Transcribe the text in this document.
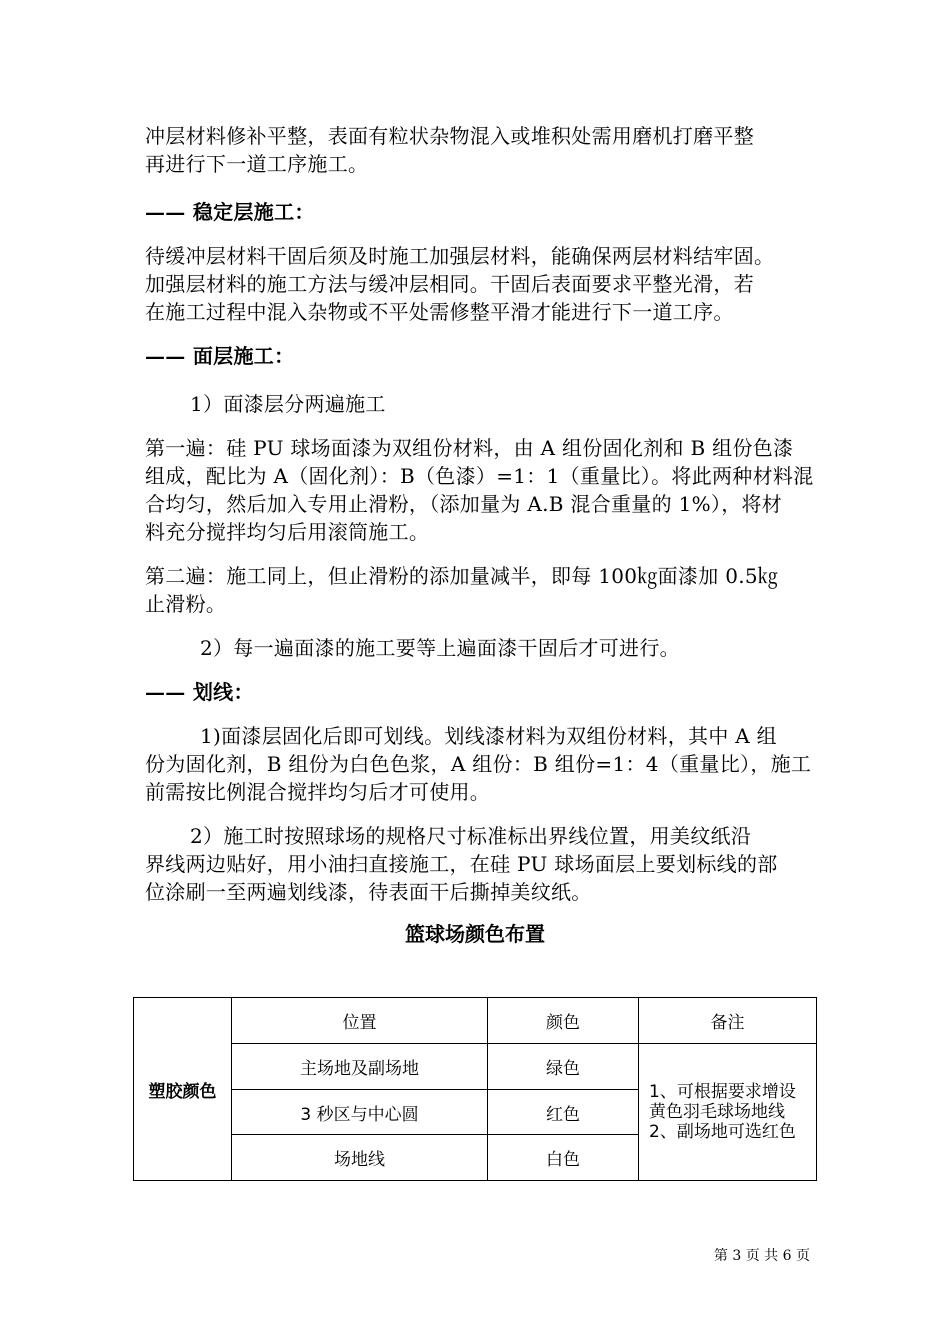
冲层材料修补平整，表面有粒状杂物混入或堆积处需用磨机打磨平整
再进行下一道工序施工。
—— 稳定层施工：
待缓冲层材料干固后须及时施工加强层材料，能确保两层材料结牢固。
加强层材料的施工方法与缓冲层相同。干固后表面要求平整光滑，若
在施工过程中混入杂物或不平处需修整平滑才能进行下一道工序。
—— 面层施工：
1）面漆层分两遍施工
第一遍：硅 PU 球场面漆为双组份材料，由 A 组份固化剂和 B 组份色漆
组成，配比为 A（固化剂）：B（色漆）=1：1（重量比）。将此两种材料混
合均匀，然后加入专用止滑粉，（添加量为 A.B 混合重量的 1%），将材
料充分搅拌均匀后用滚筒施工。
第二遍：施工同上，但止滑粉的添加量减半，即每 100㎏面漆加 0.5㎏
止滑粉。
2）每一遍面漆的施工要等上遍面漆干固后才可进行。
—— 划线：
1)面漆层固化后即可划线。划线漆材料为双组份材料，其中 A 组
份为固化剂，B 组份为白色色浆，A 组份：B 组份=1：4（重量比），施工
前需按比例混合搅拌均匀后才可使用。
2）施工时按照球场的规格尺寸标准标出界线位置，用美纹纸沿
界线两边贴好，用小油扫直接施工，在硅 PU 球场面层上要划标线的部
位涂刷一至两遍划线漆，待表面干后撕掉美纹纸。
篮球场颜色布置
塑胶颜色	位置	颜色	备注
	主场地及副场地	绿色	1、可根据要求增设
黄色羽毛球场地线
2、副场地可选红色

	3 秒区与中心圆	红色	
	场地线	白色	
第 3 页 共 6 页
